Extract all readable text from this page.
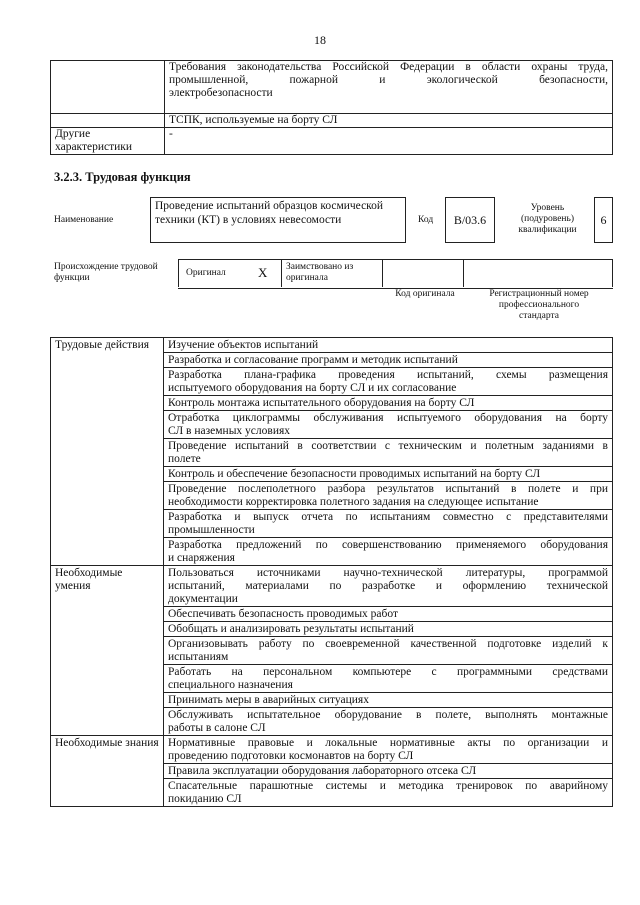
18

	Требования законодательства Российской Федерации в области охраны труда,
промышленной, пожарной и экологической безопасности,
электробезопасности

	ТСПК, используемые на борту СЛ

Другие характеристики	-
3.2.3. Трудовая функция
Наименование
Проведение испытаний образцов космической техники (КТ) в условиях невесомости	Код	В/03.6
Уровень (подуровень) квалификации
6
Происхождение трудовой функции	Оригинал X Заимствовано из оригинала
Код оригинала	Регистрационный номер профессионального стандарта
Трудовые действия	Изучение объектов испытаний

	Разработка и согласование программ и методик испытаний

	Разработка плана-графика проведения испытаний, схемы размещения
испытуемого оборудования на борту СЛ и их согласование

	Контроль монтажа испытательного оборудования на борту СЛ

	Отработка циклограммы обслуживания испытуемого оборудования на борту
СЛ в наземных условиях

	Проведение испытаний в соответствии с техническим и полетным заданиями в
полете

	Контроль и обеспечение безопасности проводимых испытаний на борту СЛ

	Проведение послеполетного разбора результатов испытаний в полете и при
необходимости корректировка полетного задания на следующее испытание

	Разработка и выпуск отчета по испытаниям совместно с представителями
промышленности

	Разработка предложений по совершенствованию применяемого оборудования
и снаряжения

Необходимые умения	Пользоваться источниками научно-технической литературы, программой
испытаний, материалами по разработке и оформлению технической
документации

	Обеспечивать безопасность проводимых работ

	Обобщать и анализировать результаты испытаний

	Организовывать работу по своевременной качественной подготовке изделий к
испытаниям

	Работать на персональном компьютере с программными средствами
специального назначения

	Принимать меры в аварийных ситуациях

	Обслуживать испытательное оборудование в полете, выполнять монтажные
работы в салоне СЛ

Необходимые знания	Нормативные правовые и локальные нормативные акты по организации и
проведению подготовки космонавтов на борту СЛ

	Правила эксплуатации оборудования лабораторного отсека СЛ

	Спасательные парашютные системы и методика тренировок по аварийному
покиданию СЛ
